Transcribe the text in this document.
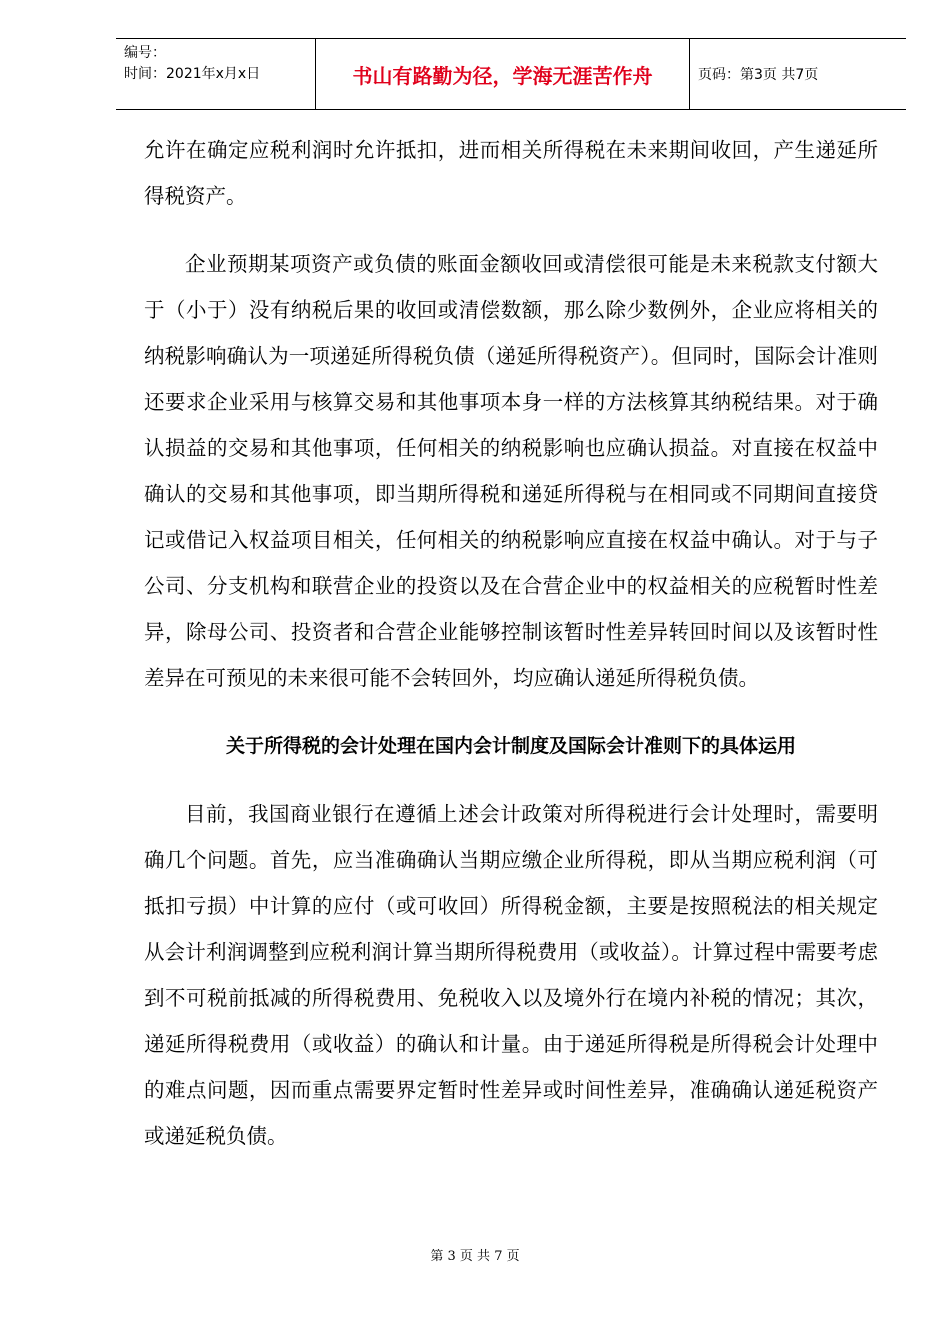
编号：
时间：2021年x月x日	书山有路勤为径，学海无涯苦作舟	页码：第3页 共7页

允许在确定应税利润时允许抵扣，进而相关所得税在未来期间收回，产生递延所得税资产。

企业预期某项资产或负债的账面金额收回或清偿很可能是未来税款支付额大于（小于）没有纳税后果的收回或清偿数额，那么除少数例外，企业应将相关的纳税影响确认为一项递延所得税负债（递延所得税资产）。但同时，国际会计准则还要求企业采用与核算交易和其他事项本身一样的方法核算其纳税结果。对于确认损益的交易和其他事项，任何相关的纳税影响也应确认损益。对直接在权益中确认的交易和其他事项，即当期所得税和递延所得税与在相同或不同期间直接贷记或借记入权益项目相关，任何相关的纳税影响应直接在权益中确认。对于与子公司、分支机构和联营企业的投资以及在合营企业中的权益相关的应税暂时性差异，除母公司、投资者和合营企业能够控制该暂时性差异转回时间以及该暂时性差异在可预见的未来很可能不会转回外，均应确认递延所得税负债。

关于所得税的会计处理在国内会计制度及国际会计准则下的具体运用

目前，我国商业银行在遵循上述会计政策对所得税进行会计处理时，需要明确几个问题。首先，应当准确确认当期应缴企业所得税，即从当期应税利润（可抵扣亏损）中计算的应付（或可收回）所得税金额，主要是按照税法的相关规定从会计利润调整到应税利润计算当期所得税费用（或收益）。计算过程中需要考虑到不可税前抵减的所得税费用、免税收入以及境外行在境内补税的情况；其次，递延所得税费用（或收益）的确认和计量。由于递延所得税是所得税会计处理中的难点问题，因而重点需要界定暂时性差异或时间性差异，准确确认递延税资产或递延税负债。

第 3 页 共 7 页
